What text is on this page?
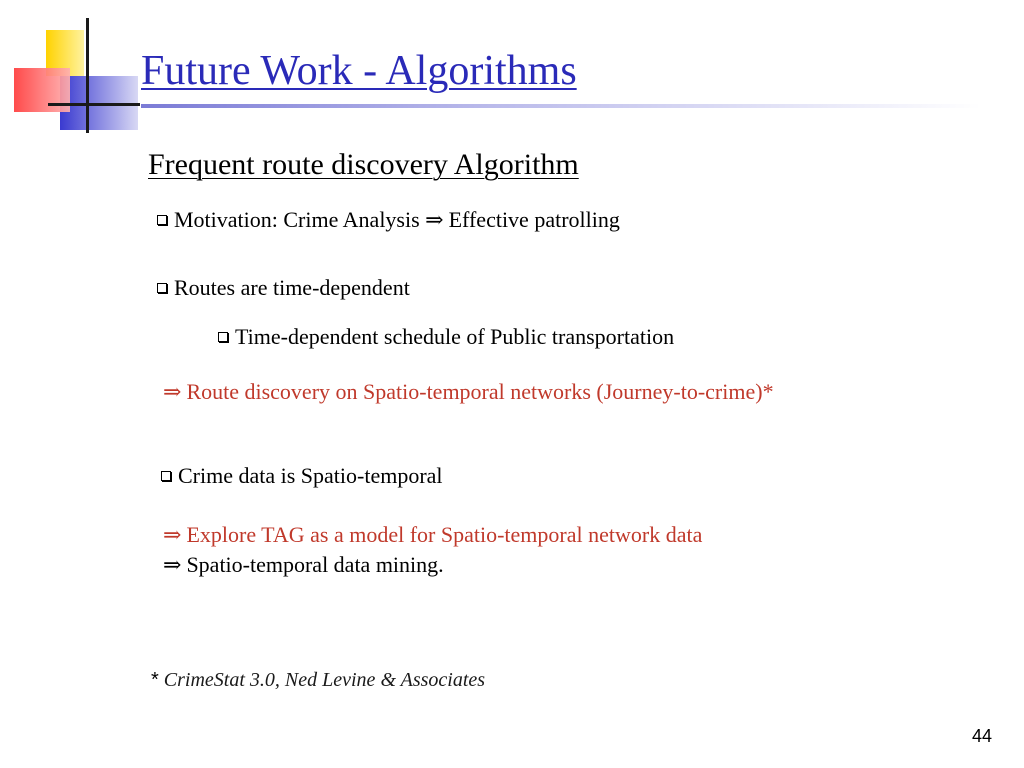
Future Work - Algorithms
Frequent route discovery Algorithm
Motivation: Crime Analysis ⇒ Effective patrolling
Routes are time-dependent
Time-dependent schedule of Public transportation
⇒ Route discovery on Spatio-temporal networks (Journey-to-crime)*
Crime data is Spatio-temporal
⇒ Explore TAG as a model for Spatio-temporal network data
⇒ Spatio-temporal data mining.
* CrimeStat 3.0, Ned Levine & Associates
44
